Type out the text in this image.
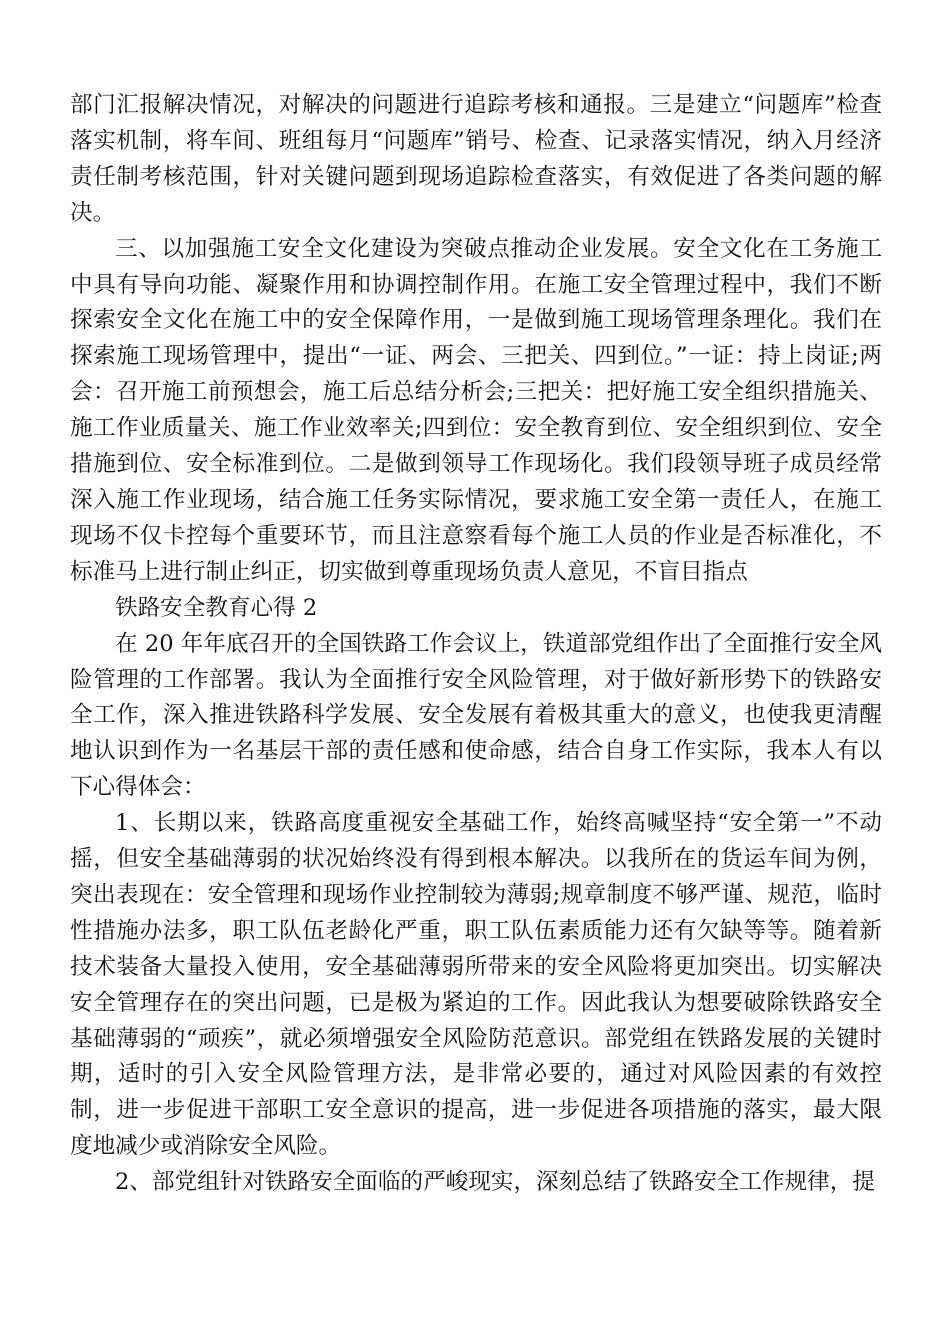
部门汇报解决情况，对解决的问题进行追踪考核和通报。三是建立“问题库”检查落实机制，将车间、班组每月“问题库”销号、检查、记录落实情况，纳入月经济责任制考核范围，针对关键问题到现场追踪检查落实，有效促进了各类问题的解决。

三、以加强施工安全文化建设为突破点推动企业发展。安全文化在工务施工中具有导向功能、凝聚作用和协调控制作用。在施工安全管理过程中，我们不断探索安全文化在施工中的安全保障作用，一是做到施工现场管理条理化。我们在探索施工现场管理中，提出“一证、两会、三把关、四到位。”一证：持上岗证;两会：召开施工前预想会，施工后总结分析会;三把关：把好施工安全组织措施关、施工作业质量关、施工作业效率关;四到位：安全教育到位、安全组织到位、安全措施到位、安全标准到位。二是做到领导工作现场化。我们段领导班子成员经常深入施工作业现场，结合施工任务实际情况，要求施工安全第一责任人，在施工现场不仅卡控每个重要环节，而且注意察看每个施工人员的作业是否标准化，不标准马上进行制止纠正，切实做到尊重现场负责人意见，不盲目指点

铁路安全教育心得 2

在 20 年年底召开的全国铁路工作会议上，铁道部党组作出了全面推行安全风险管理的工作部署。我认为全面推行安全风险管理，对于做好新形势下的铁路安全工作，深入推进铁路科学发展、安全发展有着极其重大的意义，也使我更清醒地认识到作为一名基层干部的责任感和使命感，结合自身工作实际，我本人有以下心得体会：

1、长期以来，铁路高度重视安全基础工作，始终高喊坚持“安全第一”不动摇，但安全基础薄弱的状况始终没有得到根本解决。以我所在的货运车间为例，突出表现在：安全管理和现场作业控制较为薄弱;规章制度不够严谨、规范，临时性措施办法多，职工队伍老龄化严重，职工队伍素质能力还有欠缺等等。随着新技术装备大量投入使用，安全基础薄弱所带来的安全风险将更加突出。切实解决安全管理存在的突出问题，已是极为紧迫的工作。因此我认为想要破除铁路安全基础薄弱的“顽疾”，就必须增强安全风险防范意识。部党组在铁路发展的关键时期，适时的引入安全风险管理方法，是非常必要的，通过对风险因素的有效控制，进一步促进干部职工安全意识的提高，进一步促进各项措施的落实，最大限度地减少或消除安全风险。

2、部党组针对铁路安全面临的严峻现实，深刻总结了铁路安全工作规律，提
